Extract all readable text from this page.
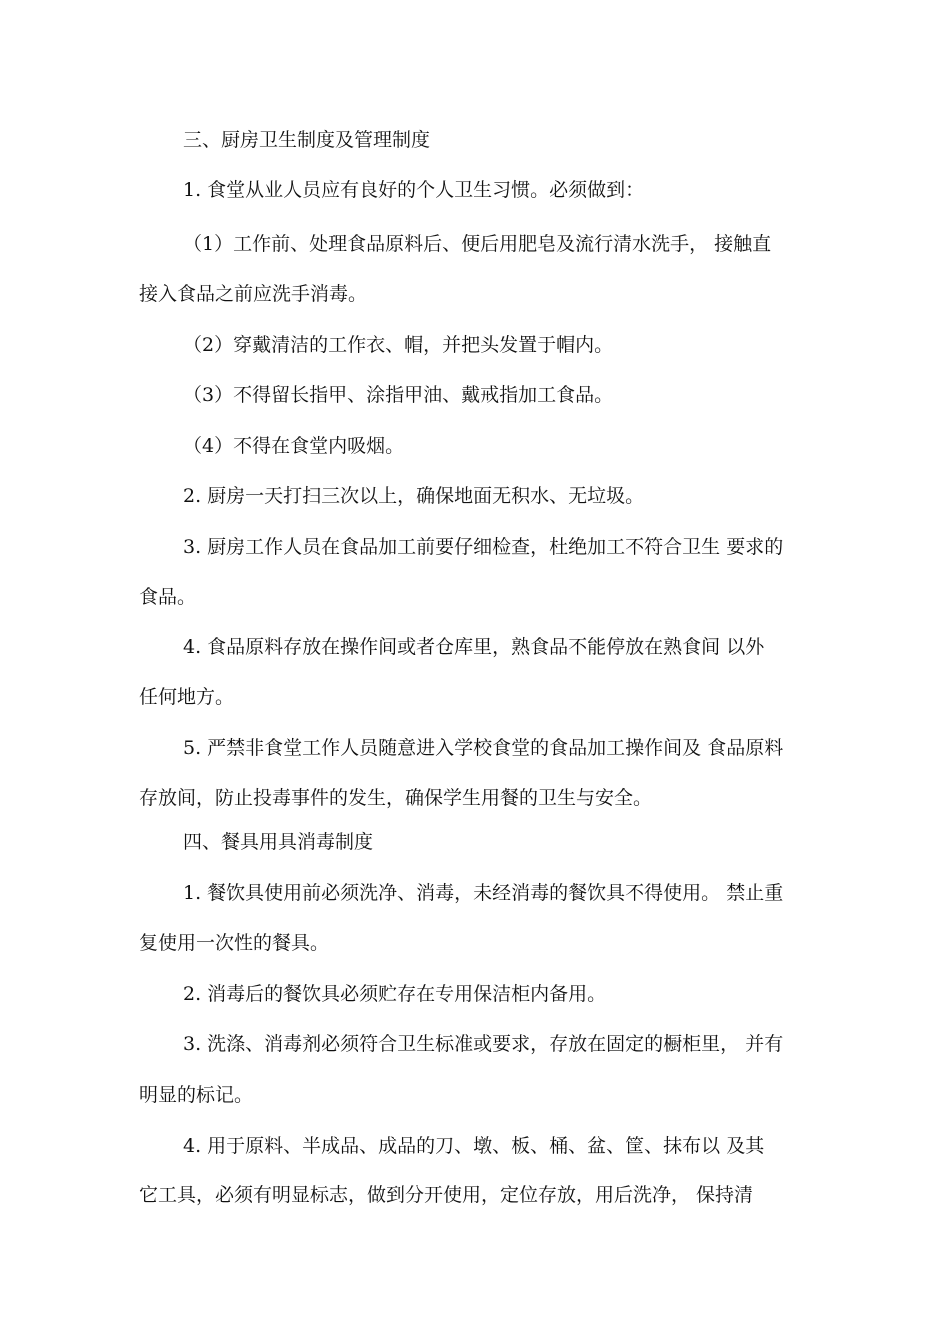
三、厨房卫生制度及管理制度
1. 食堂从业人员应有良好的个人卫生习惯。必须做到：
（1）工作前、处理食品原料后、便后用肥皂及流行清水洗手， 接触直
接入食品之前应洗手消毒。
（2）穿戴清洁的工作衣、帽，并把头发置于帽内。
（3）不得留长指甲、涂指甲油、戴戒指加工食品。
（4）不得在食堂内吸烟。
2. 厨房一天打扫三次以上，确保地面无积水、无垃圾。
3. 厨房工作人员在食品加工前要仔细检查，杜绝加工不符合卫生 要求的
食品。
4. 食品原料存放在操作间或者仓库里，熟食品不能停放在熟食间 以外
任何地方。
5. 严禁非食堂工作人员随意进入学校食堂的食品加工操作间及 食品原料
存放间，防止投毒事件的发生，确保学生用餐的卫生与安全。
四、餐具用具消毒制度
1. 餐饮具使用前必须洗净、消毒，未经消毒的餐饮具不得使用。 禁止重
复使用一次性的餐具。
2. 消毒后的餐饮具必须贮存在专用保洁柜内备用。
3. 洗涤、消毒剂必须符合卫生标准或要求，存放在固定的橱柜里， 并有
明显的标记。
4. 用于原料、半成品、成品的刀、墩、板、桶、盆、筐、抹布以 及其
它工具，必须有明显标志，做到分开使用，定位存放，用后洗净， 保持清
